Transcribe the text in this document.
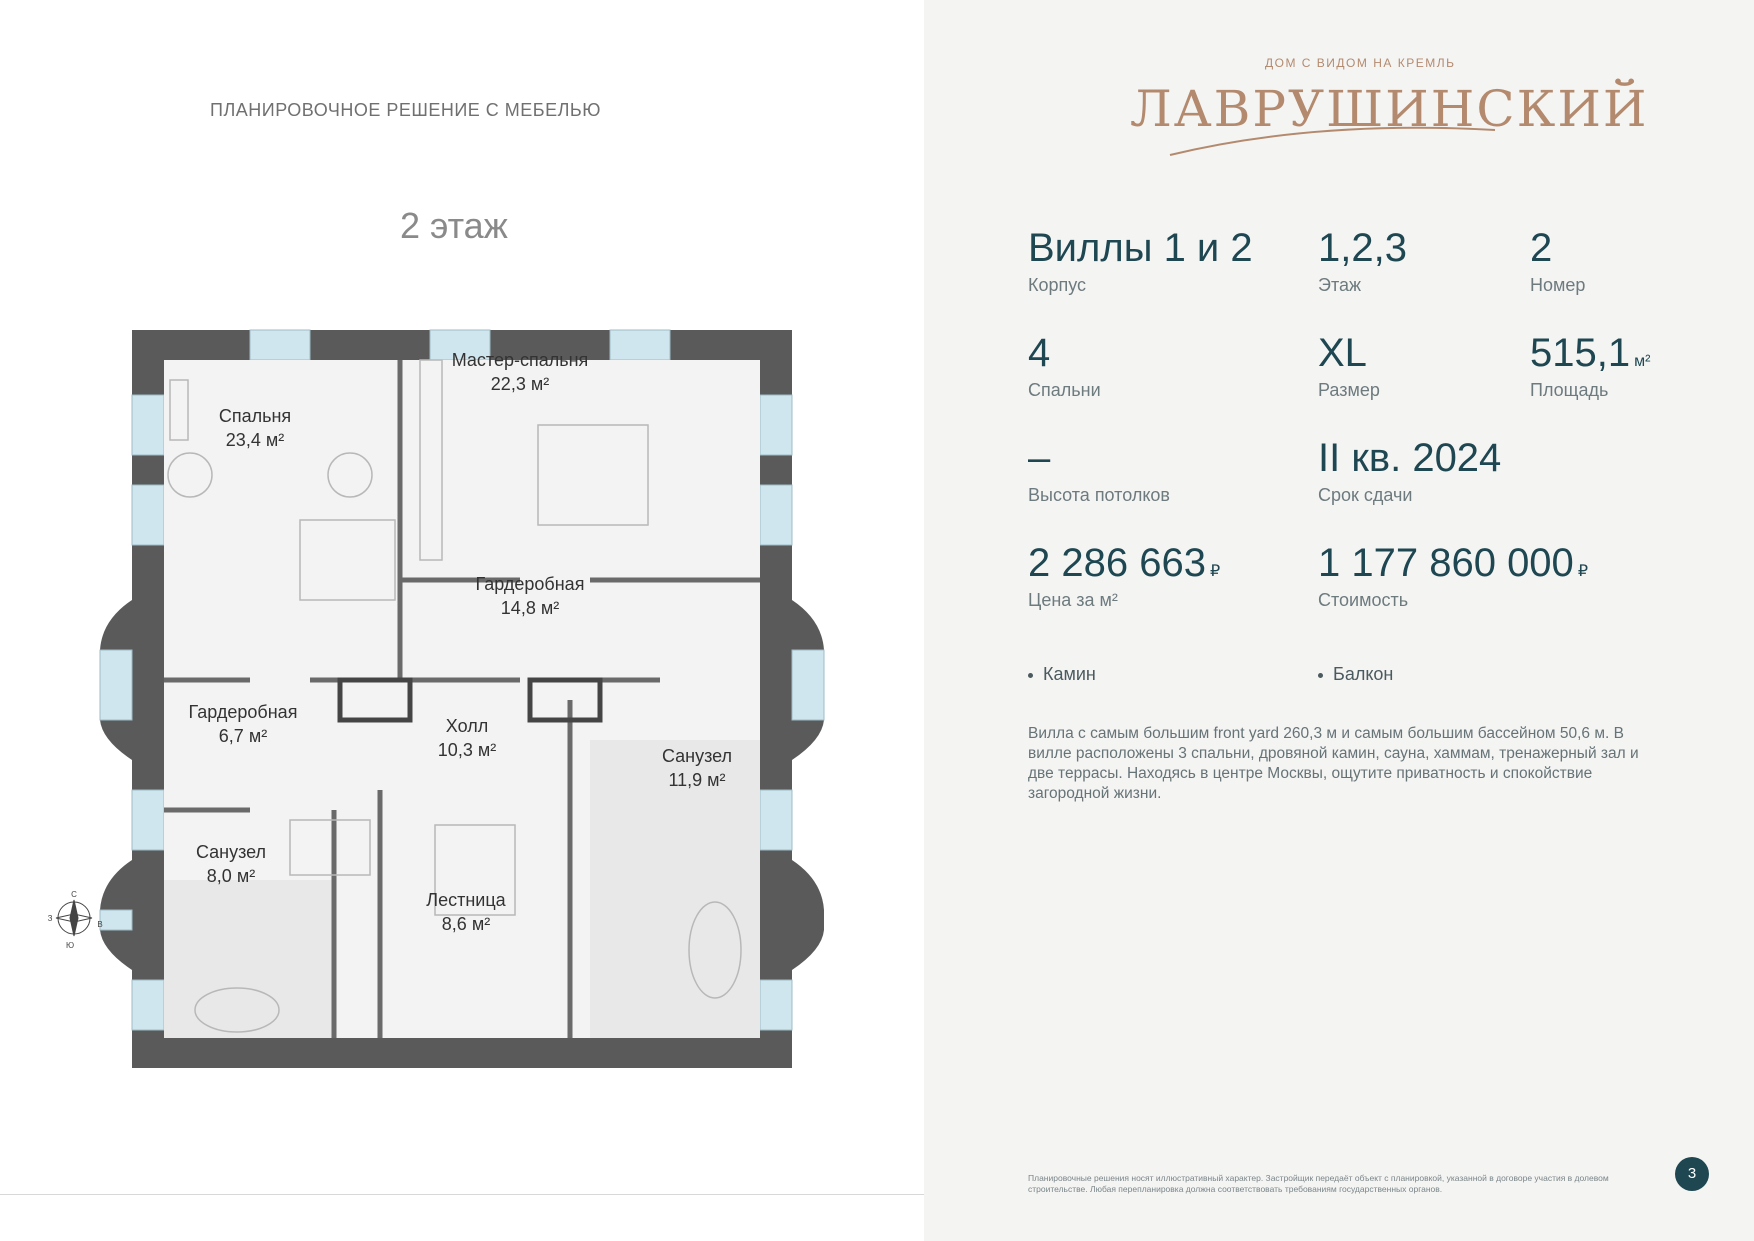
ПЛАНИРОВОЧНОЕ РЕШЕНИЕ С МЕБЕЛЬЮ
2 этаж
Спальня
23,4 м²
Мастер-спальня
22,3 м²
Гардеробная
14,8 м²
Гардеробная
6,7 м²	Холл
10,3 м²	Санузел
11,9 м²
Санузел
8,0 м²
Лестница
8,6 м²
С
Ю
З
В
ДОМ С ВИДОМ НА КРЕМЛЬ
ЛАВРУШИНСКИЙ
Виллы 1 и 2
Корпус
1,2,3
Этаж
2
Номер
4
Спальни
XL
Размер
515,1 м²
Площадь
–
Высота потолков
II кв. 2024
Срок сдачи
2 286 663 ₽
Цена за м²
1 177 860 000 ₽
Стоимость
Камин	Балкон
Вилла с самым большим front yard 260,3 м и самым большим бассейном 50,6 м. В вилле расположены 3 спальни, дровяной камин, сауна, хаммам, тренажерный зал и две террасы. Находясь в центре Москвы, ощутите приватность и спокойствие загородной жизни.
Планировочные решения носят иллюстративный характер. Застройщик передаёт объект с планировкой, указанной в договоре участия в долевом строительстве. Любая перепланировка должна соответствовать требованиям государственных органов.
3
